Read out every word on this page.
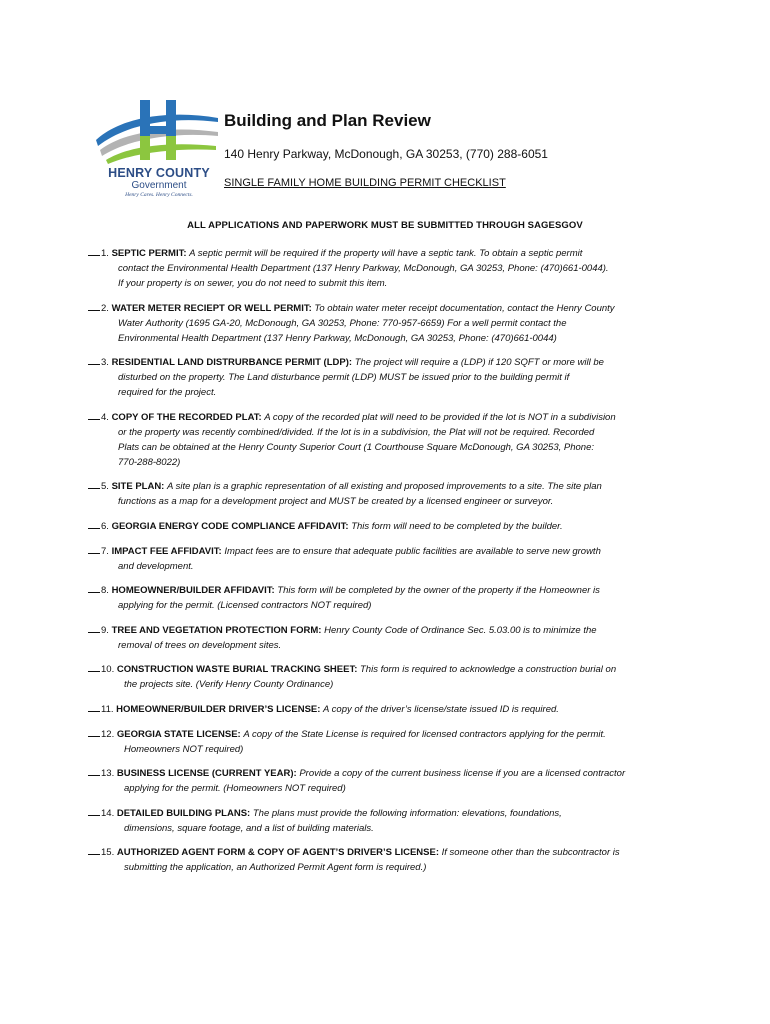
HENRY COUNTY
Government
Henry Cares. Henry Connects.
Building and Plan Review
140 Henry Parkway, McDonough, GA 30253, (770) 288-6051
SINGLE FAMILY HOME BUILDING PERMIT CHECKLIST
ALL APPLICATIONS AND PAPERWORK MUST BE SUBMITTED THROUGH SAGESGOV
1. SEPTIC PERMIT: A septic permit will be required if the property will have a septic tank. To obtain a septic permit
contact the Environmental Health Department (137 Henry Parkway, McDonough, GA 30253, Phone: (470)661-0044).
If your property is on sewer, you do not need to submit this item.
2. WATER METER RECIEPT OR WELL PERMIT: To obtain water meter receipt documentation, contact the Henry County
Water Authority (1695 GA-20, McDonough, GA 30253, Phone: 770-957-6659) For a well permit contact the
Environmental Health Department (137 Henry Parkway, McDonough, GA 30253, Phone: (470)661-0044)
3. RESIDENTIAL LAND DISTRURBANCE PERMIT (LDP): The project will require a (LDP) if 120 SQFT or more will be
disturbed on the property. The Land disturbance permit (LDP) MUST be issued prior to the building permit if
required for the project.
4. COPY OF THE RECORDED PLAT: A copy of the recorded plat will need to be provided if the lot is NOT in a subdivision
or the property was recently combined/divided. If the lot is in a subdivision, the Plat will not be required. Recorded
Plats can be obtained at the Henry County Superior Court (1 Courthouse Square McDonough, GA 30253, Phone:
770-288-8022)
5. SITE PLAN: A site plan is a graphic representation of all existing and proposed improvements to a site. The site plan
functions as a map for a development project and MUST be created by a licensed engineer or surveyor.
6. GEORGIA ENERGY CODE COMPLIANCE AFFIDAVIT: This form will need to be completed by the builder.
7. IMPACT FEE AFFIDAVIT: Impact fees are to ensure that adequate public facilities are available to serve new growth
and development.
8. HOMEOWNER/BUILDER AFFIDAVIT: This form will be completed by the owner of the property if the Homeowner is
applying for the permit. (Licensed contractors NOT required)
9. TREE AND VEGETATION PROTECTION FORM: Henry County Code of Ordinance Sec. 5.03.00 is to minimize the
removal of trees on development sites.
10. CONSTRUCTION WASTE BURIAL TRACKING SHEET: This form is required to acknowledge a construction burial on
the projects site. (Verify Henry County Ordinance)
11. HOMEOWNER/BUILDER DRIVER’S LICENSE: A copy of the driver’s license/state issued ID is required.
12. GEORGIA STATE LICENSE: A copy of the State License is required for licensed contractors applying for the permit.
Homeowners NOT required)
13. BUSINESS LICENSE (CURRENT YEAR): Provide a copy of the current business license if you are a licensed contractor
applying for the permit. (Homeowners NOT required)
14. DETAILED BUILDING PLANS: The plans must provide the following information: elevations, foundations,
dimensions, square footage, and a list of building materials.
15. AUTHORIZED AGENT FORM & COPY OF AGENT’S DRIVER’S LICENSE: If someone other than the subcontractor is
submitting the application, an Authorized Permit Agent form is required.)
